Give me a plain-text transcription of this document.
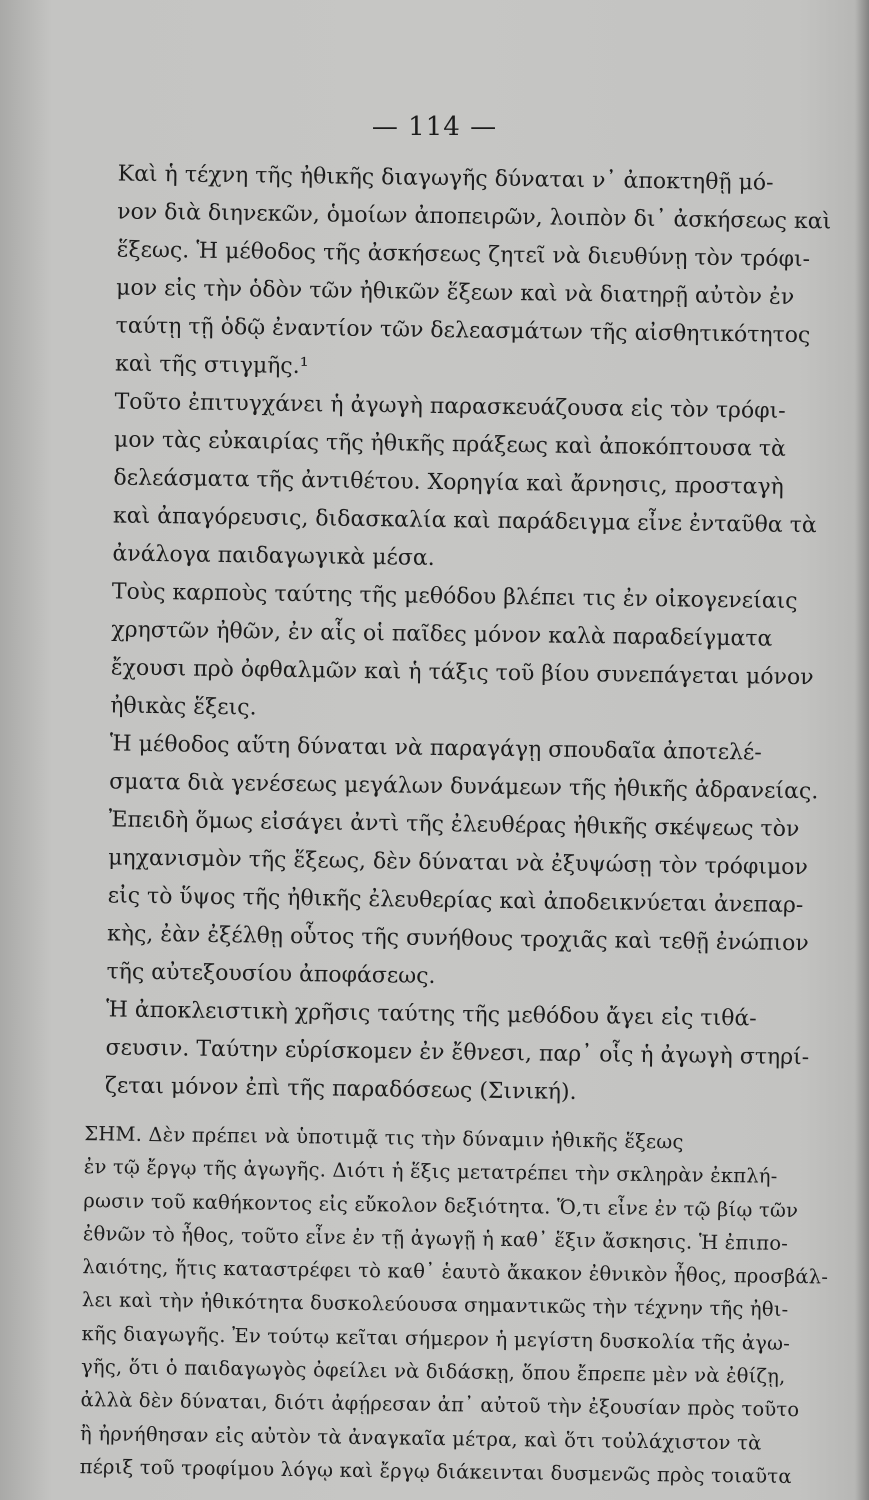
— 114 —

Καὶ ἡ τέχνη τῆς ἠθικῆς διαγωγῆς δύναται ν᾽ ἀποκτηθῇ μό-
νον διὰ διηνεκῶν, ὁμοίων ἀποπειρῶν, λοιπὸν δι᾽ ἀσκήσεως καὶ
ἕξεως. Ἡ μέθοδος τῆς ἀσκήσεως ζητεῖ νὰ διευθύνῃ τὸν τρόφι-
μον εἰς τὴν ὁδὸν τῶν ἠθικῶν ἕξεων καὶ νὰ διατηρῇ αὐτὸν ἐν
ταύτῃ τῇ ὁδῷ ἐναντίον τῶν δελεασμάτων τῆς αἰσθητικότητος
καὶ τῆς στιγμῆς.¹

Τοῦτο ἐπιτυγχάνει ἡ ἀγωγὴ παρασκευάζουσα εἰς τὸν τρόφι-
μον τὰς εὐκαιρίας τῆς ἠθικῆς πράξεως καὶ ἀποκόπτουσα τὰ
δελεάσματα τῆς ἀντιθέτου. Χορηγία καὶ ἄρνησις, προσταγὴ
καὶ ἀπαγόρευσις, διδασκαλία καὶ παράδειγμα εἶνε ἐνταῦθα τὰ
ἀνάλογα παιδαγωγικὰ μέσα.

Τοὺς καρποὺς ταύτης τῆς μεθόδου βλέπει τις ἐν οἰκογενείαις
χρηστῶν ἠθῶν, ἐν αἷς οἱ παῖδες μόνον καλὰ παραδείγματα
ἔχουσι πρὸ ὀφθαλμῶν καὶ ἡ τάξις τοῦ βίου συνεπάγεται μόνον
ἠθικὰς ἕξεις.

Ἡ μέθοδος αὕτη δύναται νὰ παραγάγῃ σπουδαῖα ἀποτελέ-
σματα διὰ γενέσεως μεγάλων δυνάμεων τῆς ἠθικῆς ἀδρανείας.
Ἐπειδὴ ὅμως εἰσάγει ἀντὶ τῆς ἐλευθέρας ἠθικῆς σκέψεως τὸν
μηχανισμὸν τῆς ἕξεως, δὲν δύναται νὰ ἐξυψώσῃ τὸν τρόφιμον
εἰς τὸ ὕψος τῆς ἠθικῆς ἐλευθερίας καὶ ἀποδεικνύεται ἀνεπαρ-
κὴς, ἐὰν ἐξέλθῃ οὗτος τῆς συνήθους τροχιᾶς καὶ τεθῇ ἐνώπιον
τῆς αὐτεξουσίου ἀποφάσεως.

Ἡ ἀποκλειστικὴ χρῆσις ταύτης τῆς μεθόδου ἄγει εἰς τιθά-
σευσιν. Ταύτην εὑρίσκομεν ἐν ἔθνεσι, παρ᾽ οἷς ἡ ἀγωγὴ στηρί-
ζεται μόνον ἐπὶ τῆς παραδόσεως (Σινική).

ΣΗΜ. Δὲν πρέπει νὰ ὑποτιμᾷ τις τὴν δύναμιν ἠθικῆς ἕξεως
ἐν τῷ ἔργῳ τῆς ἀγωγῆς. Διότι ἡ ἕξις μετατρέπει τὴν σκληρὰν ἐκπλή-
ρωσιν τοῦ καθήκοντος εἰς εὔκολον δεξιότητα. Ὅ,τι εἶνε ἐν τῷ βίῳ τῶν
ἐθνῶν τὸ ἦθος, τοῦτο εἶνε ἐν τῇ ἀγωγῇ ἡ καθ᾽ ἕξιν ἄσκησις. Ἡ ἐπιπο-
λαιότης, ἥτις καταστρέφει τὸ καθ᾽ ἑαυτὸ ἄκακον ἐθνικὸν ἦθος, προσβάλ-
λει καὶ τὴν ἠθικότητα δυσκολεύουσα σημαντικῶς τὴν τέχνην τῆς ἠθι-
κῆς διαγωγῆς. Ἐν τούτῳ κεῖται σήμερον ἡ μεγίστη δυσκολία τῆς ἀγω-
γῆς, ὅτι ὁ παιδαγωγὸς ὀφείλει νὰ διδάσκῃ, ὅπου ἔπρεπε μὲν νὰ ἐθίζῃ,
ἀλλὰ δὲν δύναται, διότι ἀφῄρεσαν ἀπ᾽ αὐτοῦ τὴν ἐξουσίαν πρὸς τοῦτο
ἢ ἠρνήθησαν εἰς αὐτὸν τὰ ἀναγκαῖα μέτρα, καὶ ὅτι τοὐλάχιστον τὰ
πέριξ τοῦ τροφίμου λόγῳ καὶ ἔργῳ διάκεινται δυσμενῶς πρὸς τοιαῦτα
